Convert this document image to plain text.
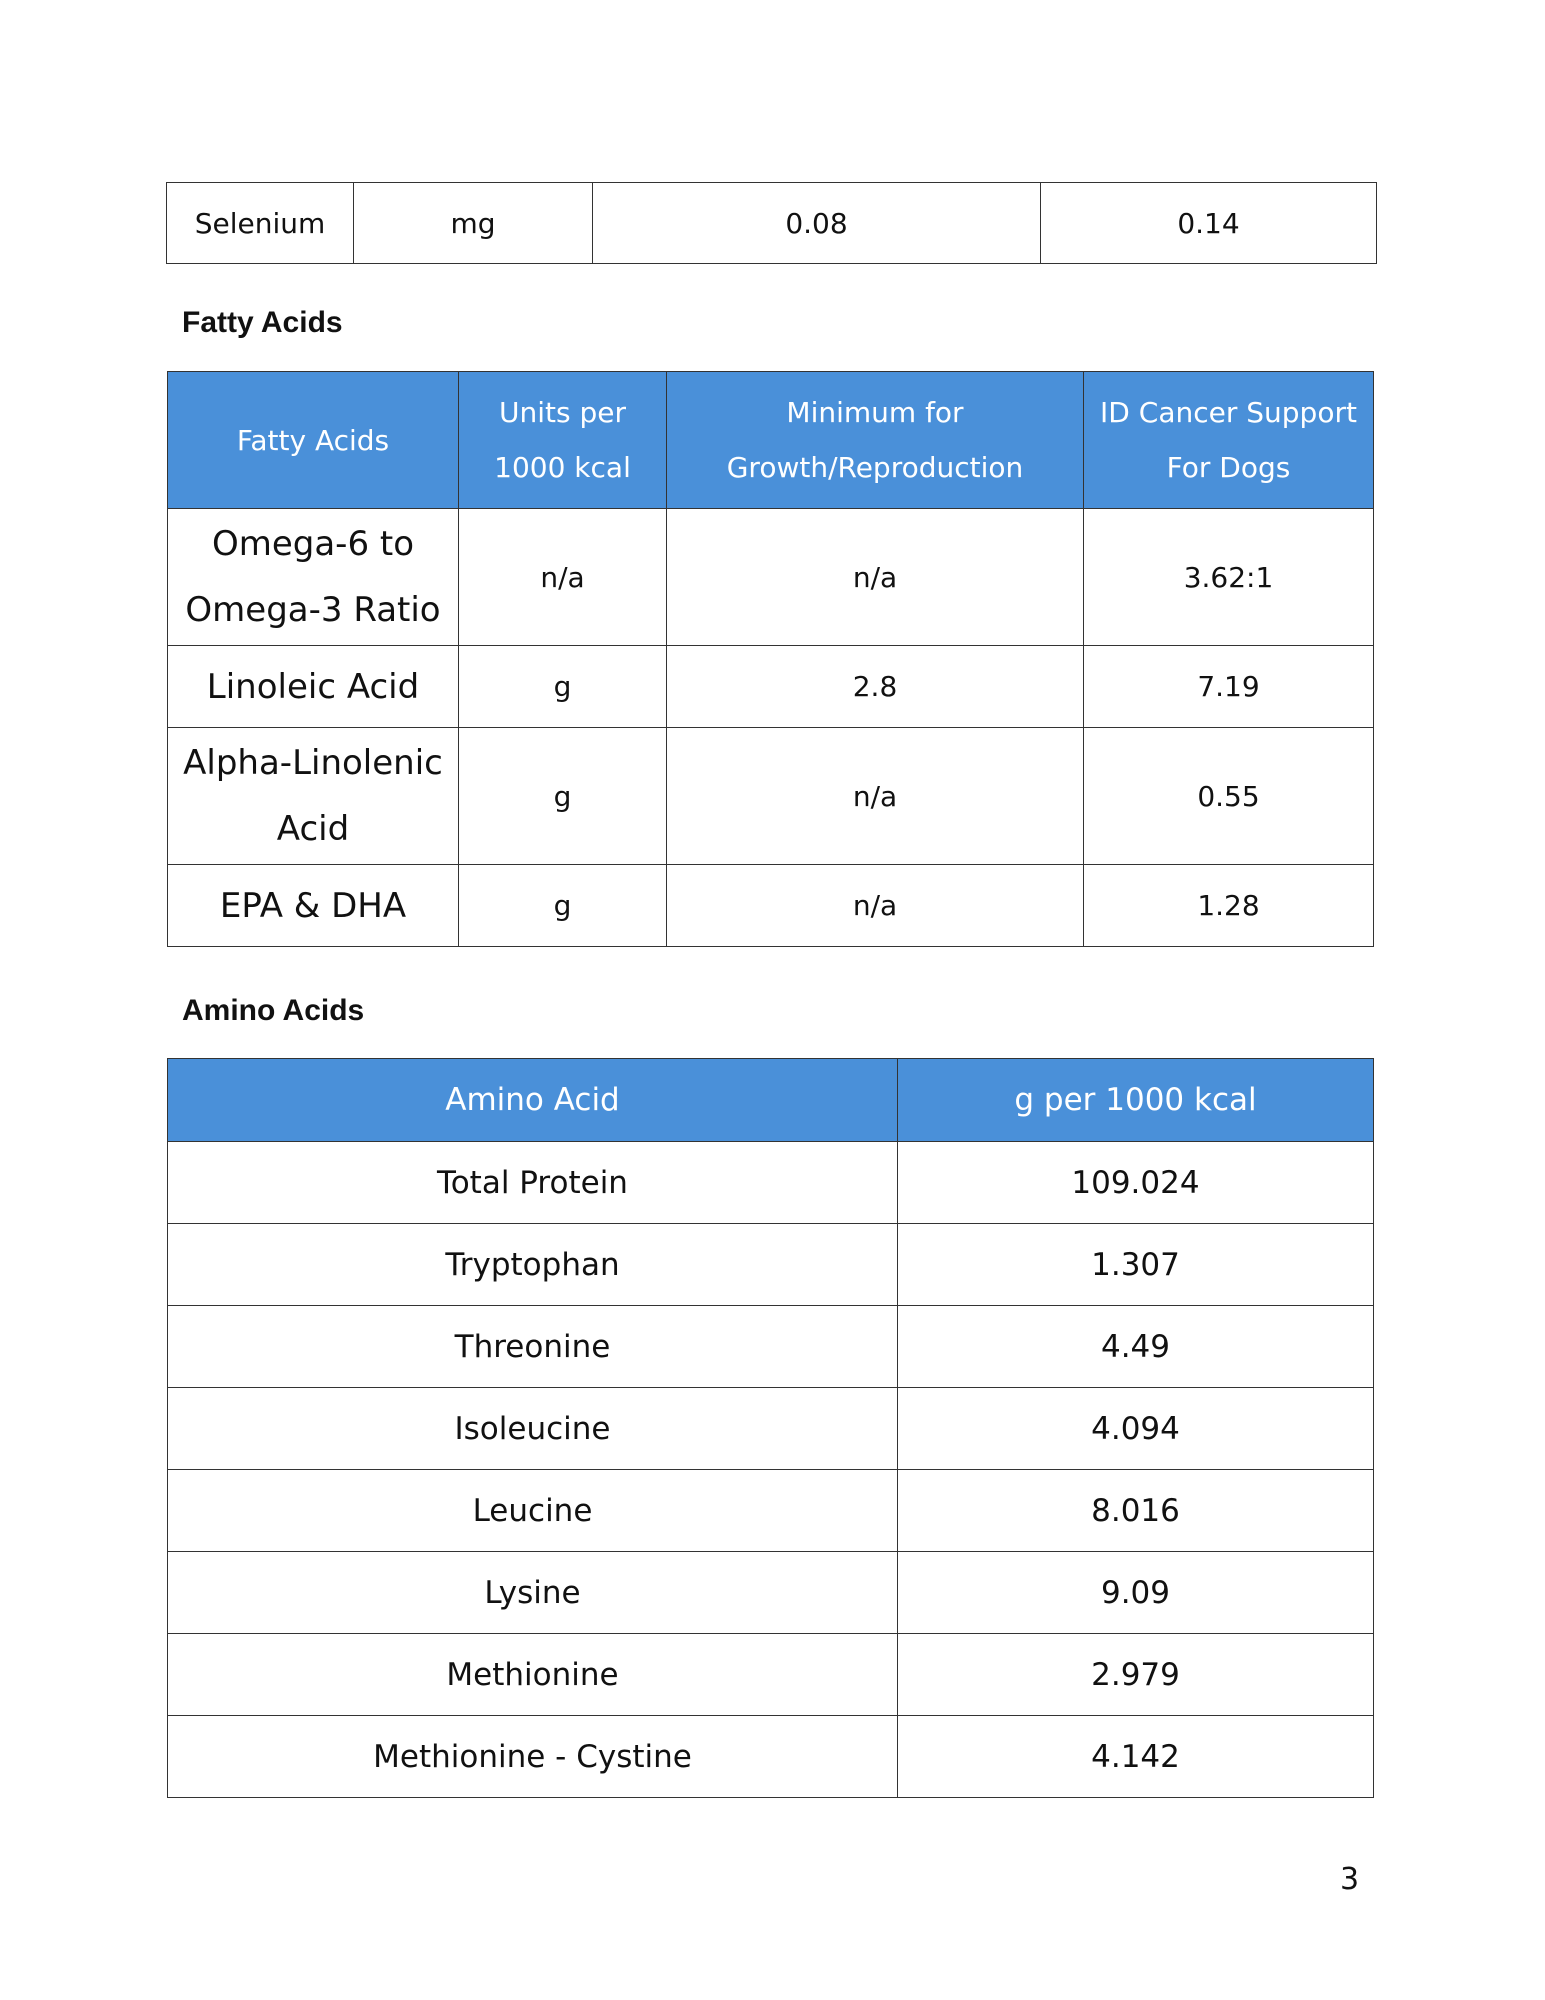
Selenium	mg	0.08	0.14
Fatty Acids
Fatty Acids	Units per 1000 kcal	Minimum for Growth/Reproduction	ID Cancer Support For Dogs
Omega-6 to Omega-3 Ratio	n/a	n/a	3.62:1
Linoleic Acid	g	2.8	7.19
Alpha-Linolenic Acid	g	n/a	0.55
EPA & DHA	g	n/a	1.28
Amino Acids
Amino Acid	g per 1000 kcal
Total Protein	109.024
Tryptophan	1.307
Threonine	4.49
Isoleucine	4.094
Leucine	8.016
Lysine	9.09
Methionine	2.979
Methionine - Cystine	4.142
3
